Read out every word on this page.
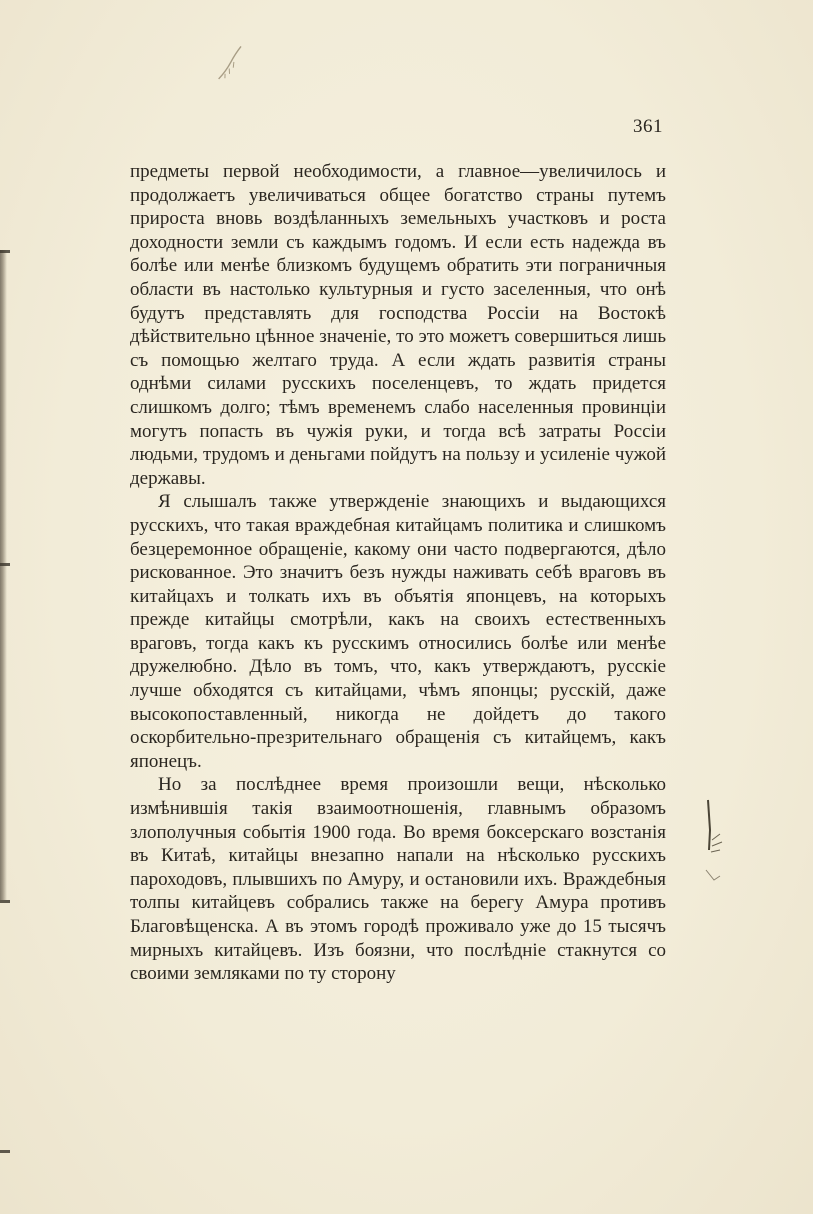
361

предметы первой необходимости, а главное—увеличилось и продолжаетъ увеличиваться общее богатство страны путемъ прироста вновь воздѣланныхъ земельныхъ участковъ и роста доходности земли съ каждымъ годомъ. И если есть надежда въ болѣе или менѣе близкомъ будущемъ обратить эти пограничныя области въ настолько культурныя и густо заселенныя, что онѣ будутъ представлять для господства Россіи на Востокѣ дѣйствительно цѣнное значеніе, то это можетъ совершиться лишь съ помощью желтаго труда. А если ждать развитія страны однѣми силами русскихъ поселенцевъ, то ждать придется слишкомъ долго; тѣмъ временемъ слабо населенныя провинціи могутъ попасть въ чужія руки, и тогда всѣ затраты Россіи людьми, трудомъ и деньгами пойдутъ на пользу и усиленіе чужой державы.

Я слышалъ также утвержденіе знающихъ и выдающихся русскихъ, что такая враждебная китайцамъ политика и слишкомъ безцеремонное обращеніе, какому они часто подвергаются, дѣло рискованное. Это значитъ безъ нужды наживать себѣ враговъ въ китайцахъ и толкать ихъ въ объятія японцевъ, на которыхъ прежде китайцы смотрѣли, какъ на своихъ естественныхъ враговъ, тогда какъ къ русскимъ относились болѣе или менѣе дружелюбно. Дѣло въ томъ, что, какъ утверждаютъ, русскіе лучше обходятся съ китайцами, чѣмъ японцы; русскій, даже высокопоставленный, никогда не дойдетъ до такого оскорбительно-презрительнаго обращенія съ китайцемъ, какъ японецъ.

Но за послѣднее время произошли вещи, нѣсколько измѣнившія такія взаимоотношенія, главнымъ образомъ злополучныя событія 1900 года. Во время боксерскаго возстанія въ Китаѣ, китайцы внезапно напали на нѣсколько русскихъ пароходовъ, плывшихъ по Амуру, и остановили ихъ. Враждебныя толпы китайцевъ собрались также на берегу Амура противъ Благовѣщенска. А въ этомъ городѣ проживало уже до 15 тысячъ мирныхъ китайцевъ. Изъ боязни, что послѣдніе стакнутся со своими земляками по ту сторону
